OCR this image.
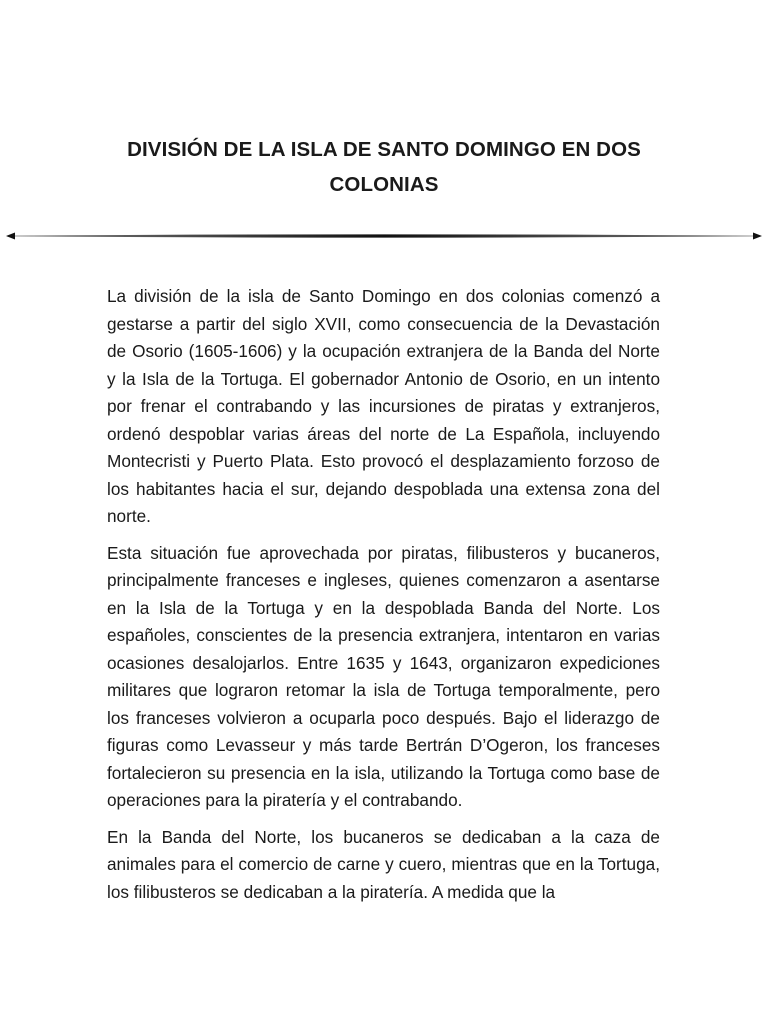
DIVISIÓN DE LA ISLA DE SANTO DOMINGO EN DOS
COLONIAS

La división de la isla de Santo Domingo en dos colonias comenzó a gestarse a partir del siglo XVII, como consecuencia de la Devastación de Osorio (1605-1606) y la ocupación extranjera de la Banda del Norte y la Isla de la Tortuga. El gobernador Antonio de Osorio, en un intento por frenar el contrabando y las incursiones de piratas y extranjeros, ordenó despoblar varias áreas del norte de La Española, incluyendo Montecristi y Puerto Plata. Esto provocó el desplazamiento forzoso de los habitantes hacia el sur, dejando despoblada una extensa zona del norte.

Esta situación fue aprovechada por piratas, filibusteros y bucaneros, principalmente franceses e ingleses, quienes comenzaron a asentarse en la Isla de la Tortuga y en la despoblada Banda del Norte. Los españoles, conscientes de la presencia extranjera, intentaron en varias ocasiones desalojarlos. Entre 1635 y 1643, organizaron expediciones militares que lograron retomar la isla de Tortuga temporalmente, pero los franceses volvieron a ocuparla poco después. Bajo el liderazgo de figuras como Levasseur y más tarde Bertrán D’Ogeron, los franceses fortalecieron su presencia en la isla, utilizando la Tortuga como base de operaciones para la piratería y el contrabando.

En la Banda del Norte, los bucaneros se dedicaban a la caza de animales para el comercio de carne y cuero, mientras que en la Tortuga, los filibusteros se dedicaban a la piratería. A medida que la
